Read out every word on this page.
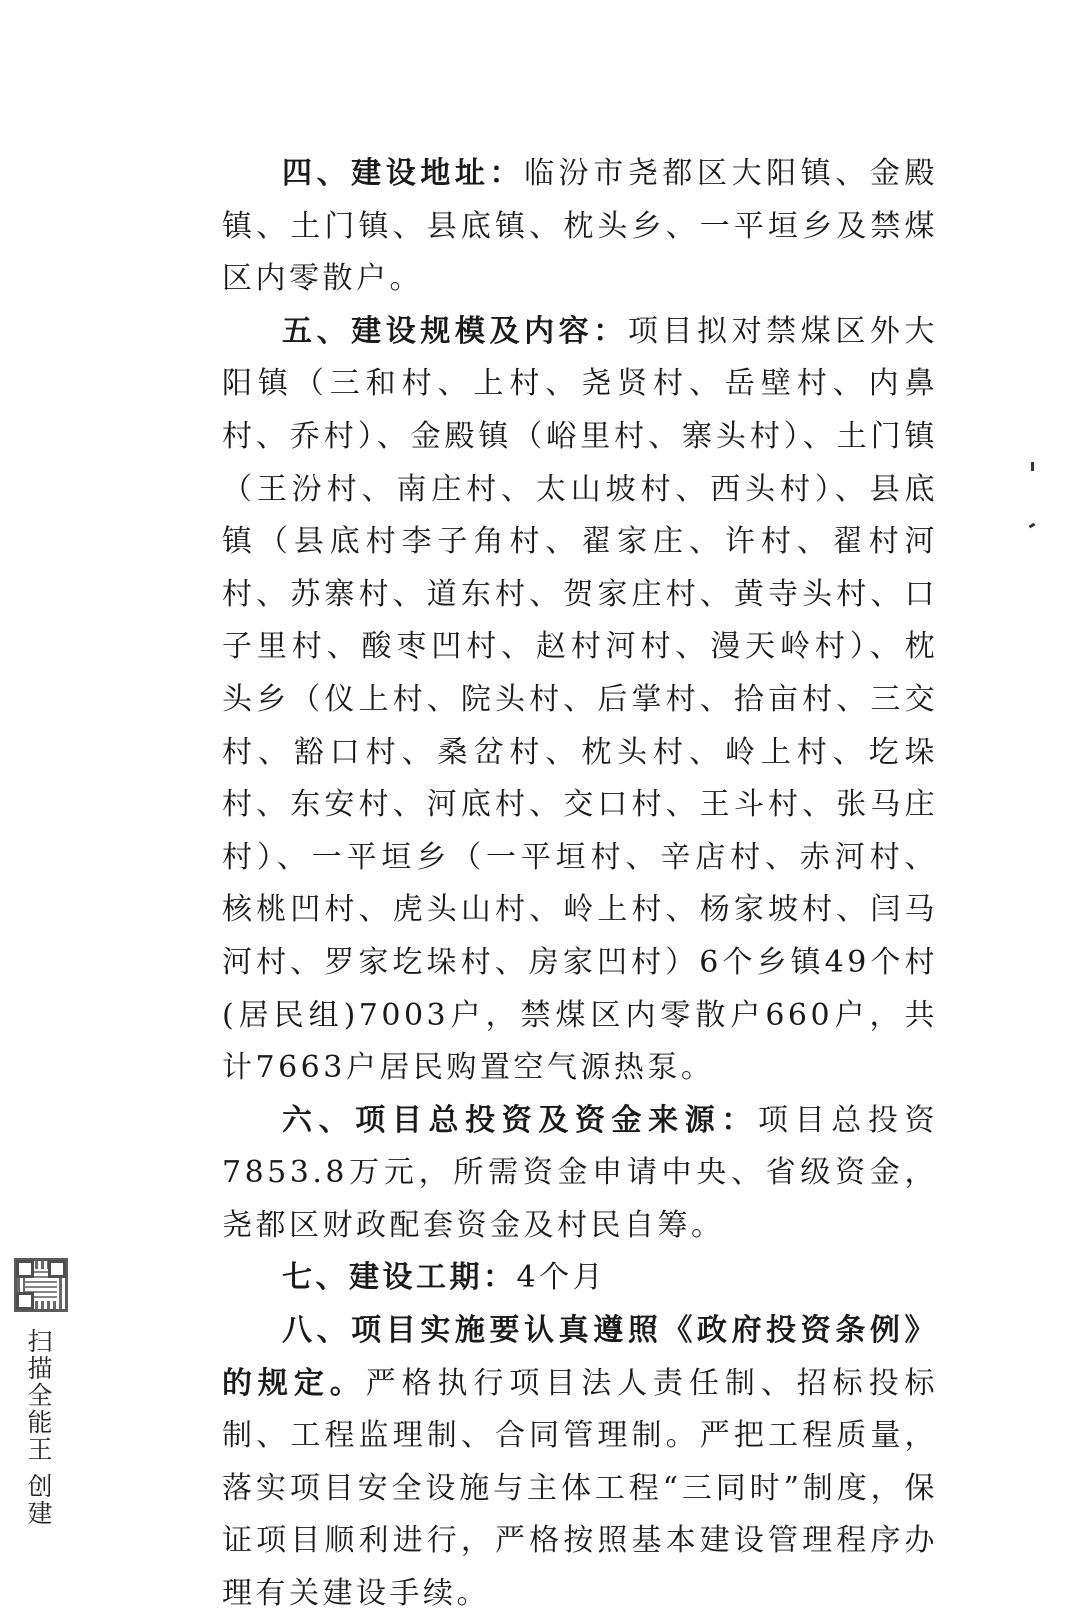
四、建设地址：临汾市尧都区大阳镇、金殿镇、土门镇、县底镇、枕头乡、一平垣乡及禁煤区内零散户。

五、建设规模及内容：项目拟对禁煤区外大阳镇（三和村、上村、尧贤村、岳壁村、内鼻村、乔村）、金殿镇（峪里村、寨头村）、土门镇（王汾村、南庄村、太山坡村、西头村）、县底镇（县底村李子角村、翟家庄、许村、翟村河村、苏寨村、道东村、贺家庄村、黄寺头村、口子里村、酸枣凹村、赵村河村、漫天岭村）、枕头乡（仪上村、院头村、后掌村、拾亩村、三交村、豁口村、桑岔村、枕头村、岭上村、圪垛村、东安村、河底村、交口村、王斗村、张马庄村）、一平垣乡（一平垣村、辛店村、赤河村、核桃凹村、虎头山村、岭上村、杨家坡村、闫马河村、罗家圪垛村、房家凹村）6个乡镇49个村(居民组)7003户，禁煤区内零散户660户，共计7663户居民购置空气源热泵。

六、项目总投资及资金来源：项目总投资7853.8万元，所需资金申请中央、省级资金，尧都区财政配套资金及村民自筹。

七、建设工期：4个月

八、项目实施要认真遵照《政府投资条例》的规定。严格执行项目法人责任制、招标投标制、工程监理制、合同管理制。严把工程质量，落实项目安全设施与主体工程“三同时”制度，保证项目顺利进行，严格按照基本建设管理程序办理有关建设手续。

扫描全能王 创建
